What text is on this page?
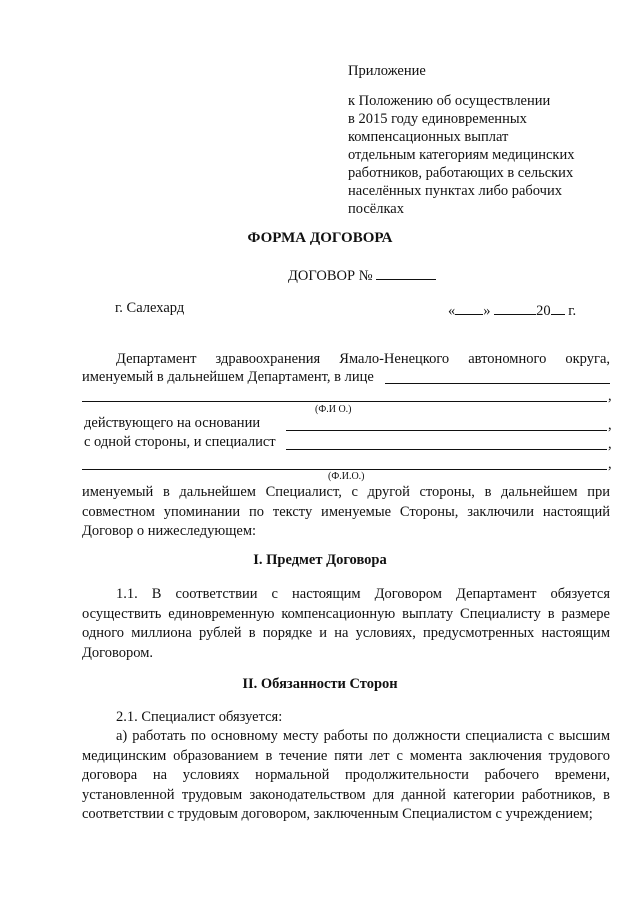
Приложение
к Положению об осуществлении
в 2015 году единовременных
компенсационных выплат
отдельным категориям медицинских
работников, работающих в сельских
населённых пунктах либо рабочих
посёлках
ФОРМА ДОГОВОРА
ДОГОВОР №
г. Салехард	« »	20 г.
Департамент здравоохранения Ямало-Ненецкого автономного округа,
именуемый в дальнейшем Департамент, в лице
,
(Ф.И О.)
действующего на основании	,
с одной стороны, и специалист	,
,
(Ф.И.О.)
именуемый в дальнейшем Специалист, с другой стороны, в дальнейшем при совместном упоминании по тексту именуемые Стороны, заключили настоящий Договор о нижеследующем:
I. Предмет Договора
1.1. В соответствии с настоящим Договором Департамент обязуется осуществить единовременную компенсационную выплату Специалисту в размере одного миллиона рублей в порядке и на условиях, предусмотренных настоящим Договором.
II. Обязанности Сторон
2.1. Специалист обязуется:
а) работать по основному месту работы по должности специалиста с высшим медицинским образованием в течение пяти лет с момента заключения трудового договора на условиях нормальной продолжительности рабочего времени, установленной трудовым законодательством для данной категории работников, в соответствии с трудовым договором, заключенным Специалистом с учреждением;
